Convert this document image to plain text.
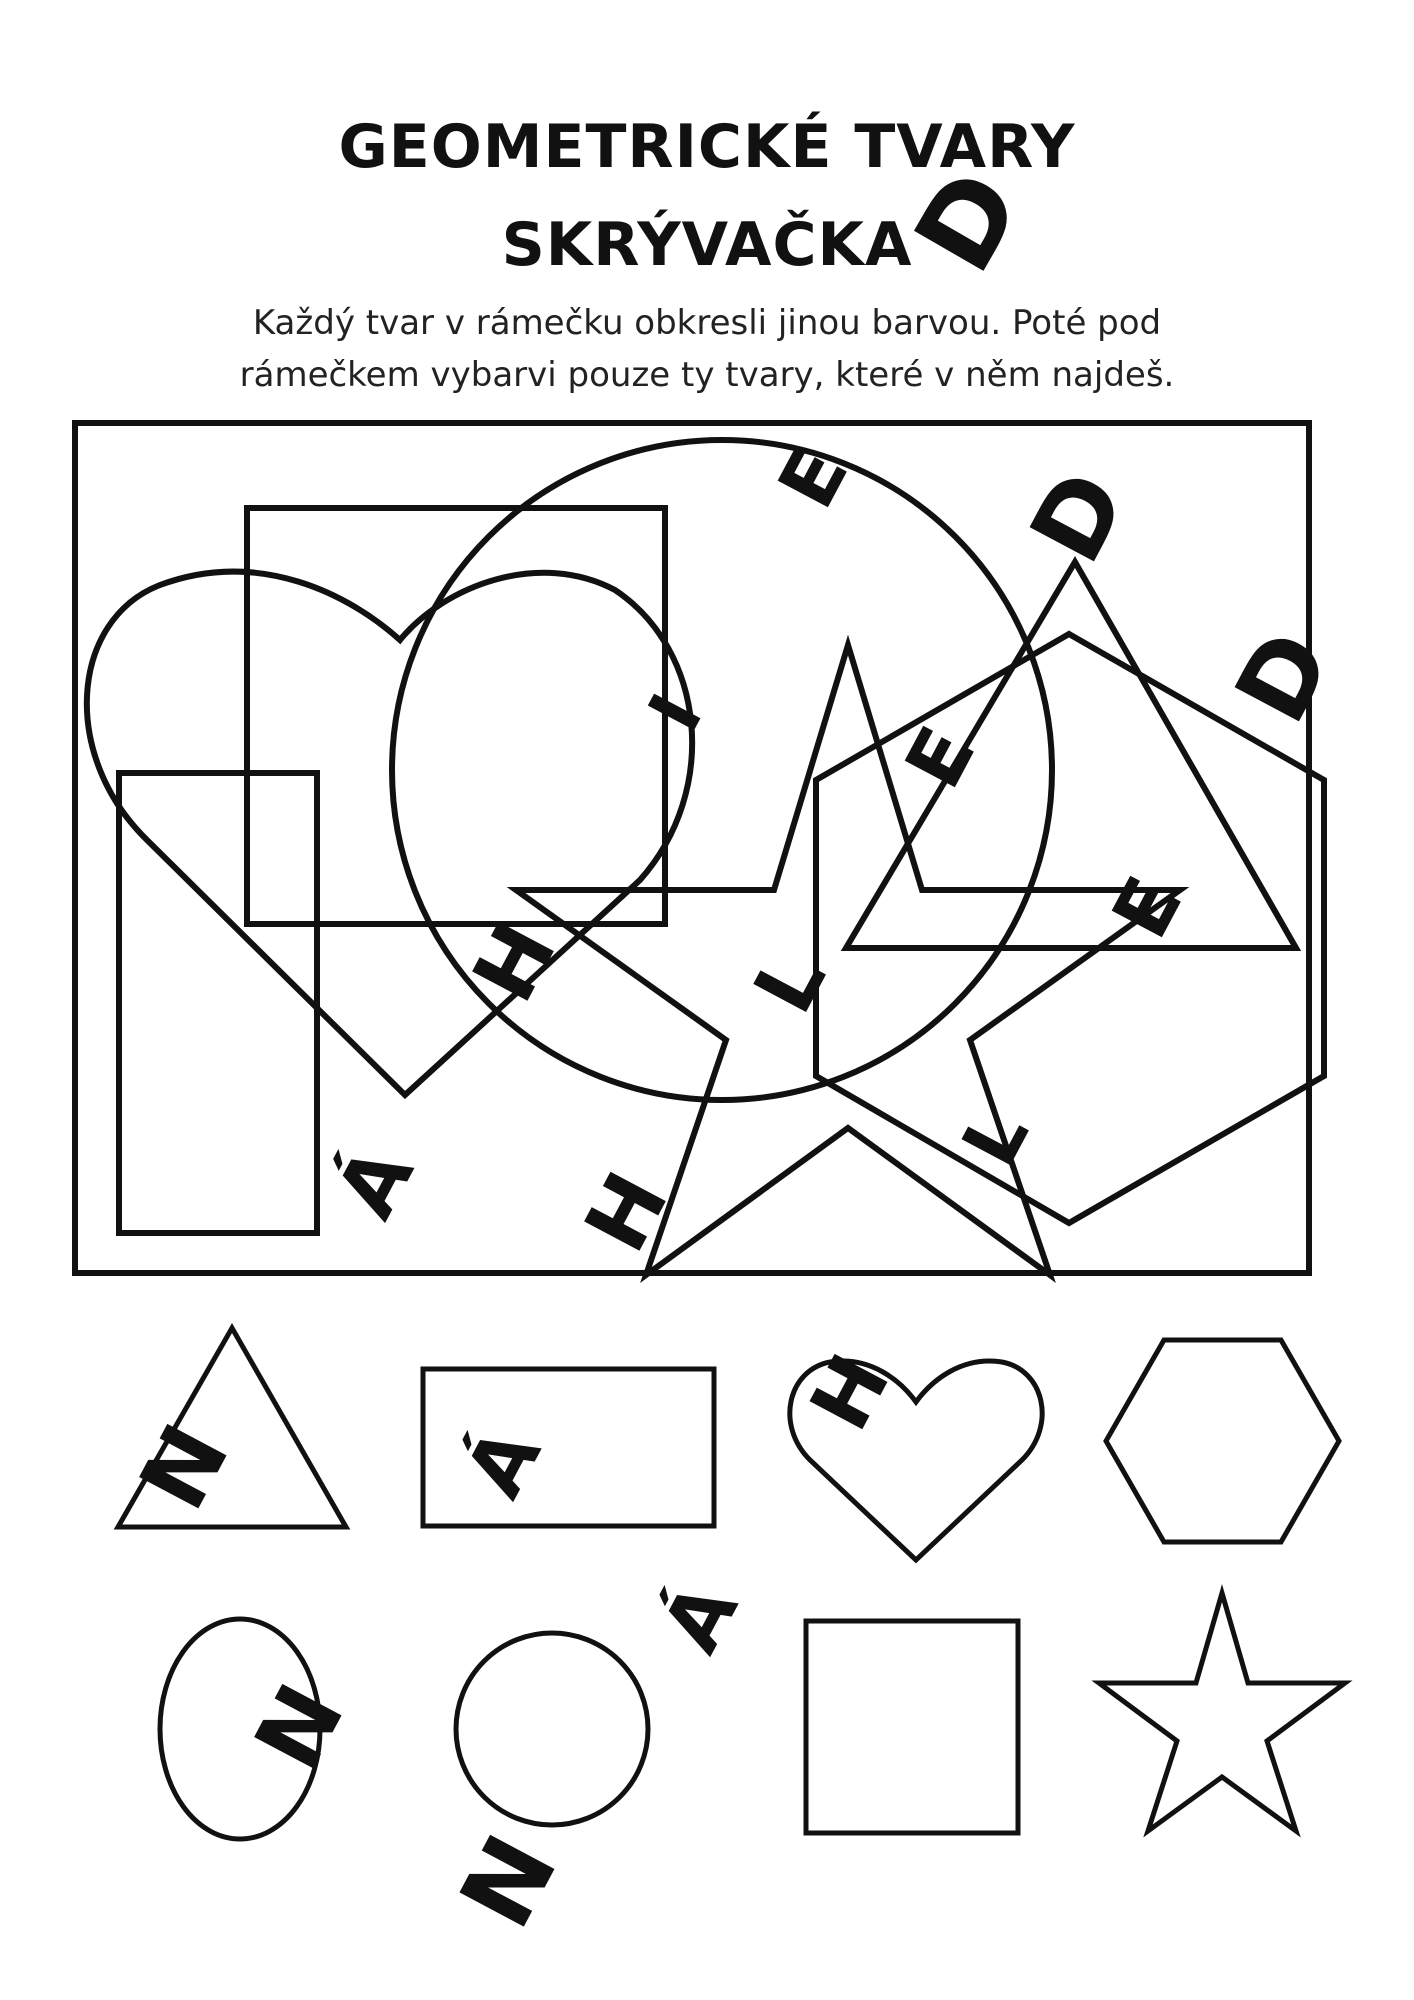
GEOMETRICKÉ TVARY
SKRÝVAČKA
Každý tvar v rámečku obkresli jinou barvou. Poté pod
rámečkem vybarvi pouze ty tvary, které v něm najdeš.
D
E D
D
I
E
H	E
L
Á H
L
N Á
H
N
Á
N
